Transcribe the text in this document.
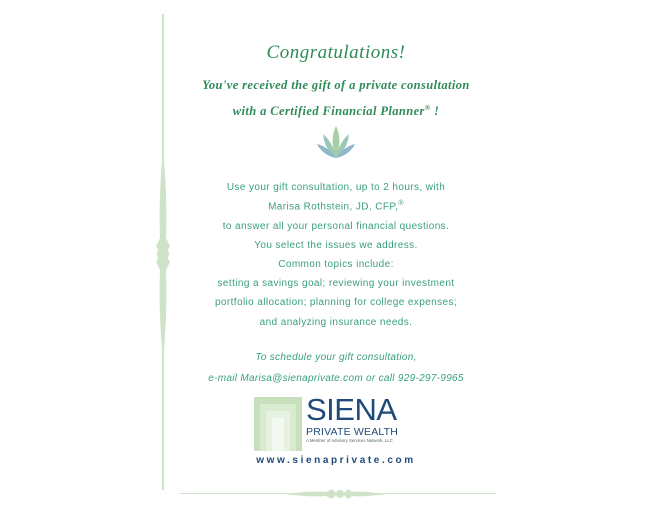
Congratulations!
You've received the gift of a private consultation
with a Certified Financial Planner® !
Use your gift consultation, up to 2 hours, with
Marisa Rothstein, JD, CFP,®
to answer all your personal financial questions.
You select the issues we address.
Common topics include:
setting a savings goal; reviewing your investment
portfolio allocation; planning for college expenses;
and analyzing insurance needs.
To schedule your gift consultation,
e-mail Marisa@sienaprivate.com or call 929-297-9965
SIENA
PRIVATE WEALTH
A Member of Advisory Services Network, LLC
www.sienaprivate.com
